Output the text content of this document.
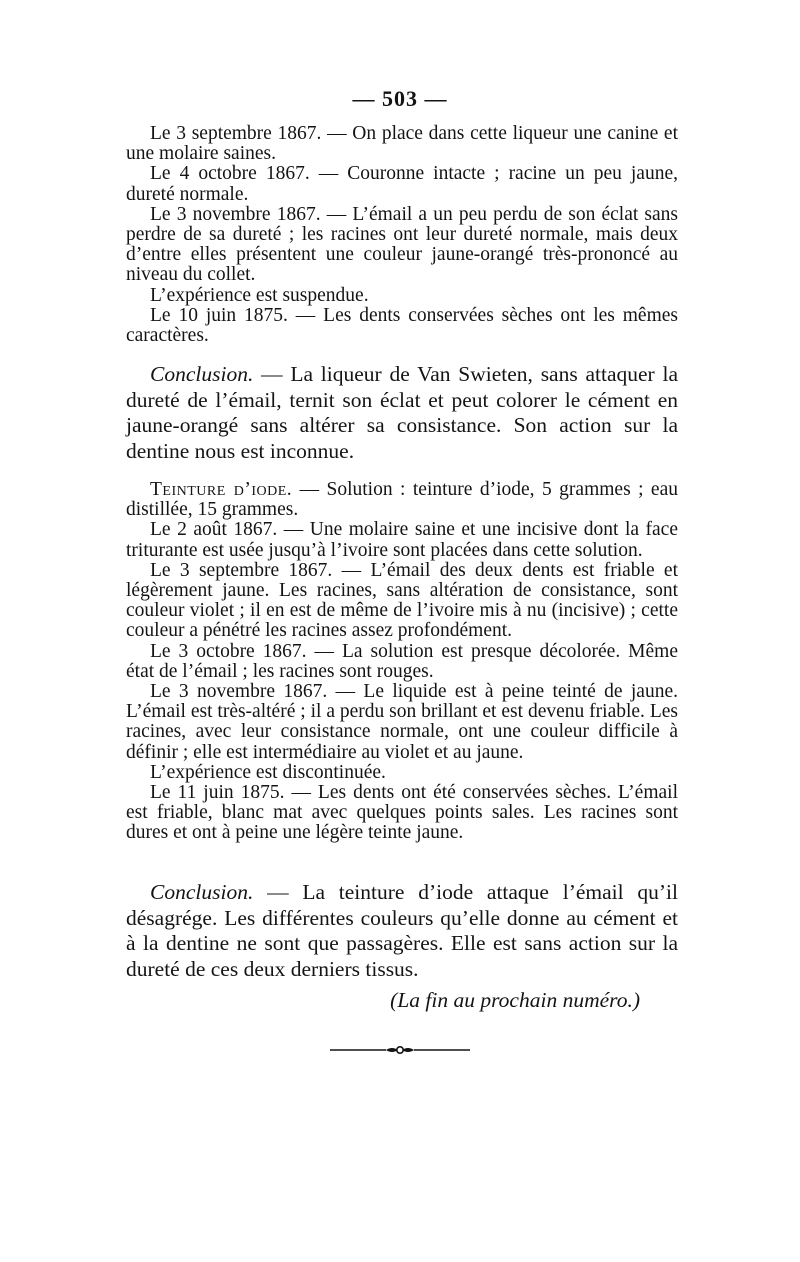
— 503 —

Le 3 septembre 1867. — On place dans cette liqueur une canine et une molaire saines.

Le 4 octobre 1867. — Couronne intacte ; racine un peu jaune, dureté normale.

Le 3 novembre 1867. — L’émail a un peu perdu de son éclat sans perdre de sa dureté ; les racines ont leur dureté normale, mais deux d’entre elles présentent une couleur jaune-orangé très-prononcé au niveau du collet.

L’expérience est suspendue.

Le 10 juin 1875. — Les dents conservées sèches ont les mêmes caractères.

Conclusion. — La liqueur de Van Swieten, sans attaquer la dureté de l’émail, ternit son éclat et peut colorer le cément en jaune-orangé sans altérer sa consistance. Son action sur la dentine nous est inconnue.

Teinture d’iode. — Solution : teinture d’iode, 5 grammes ; eau distillée, 15 grammes.

Le 2 août 1867. — Une molaire saine et une incisive dont la face triturante est usée jusqu’à l’ivoire sont placées dans cette solution.

Le 3 septembre 1867. — L’émail des deux dents est friable et légèrement jaune. Les racines, sans altération de consistance, sont couleur violet ; il en est de même de l’ivoire mis à nu (incisive) ; cette couleur a pénétré les racines assez profondément.

Le 3 octobre 1867. — La solution est presque décolorée. Même état de l’émail ; les racines sont rouges.

Le 3 novembre 1867. — Le liquide est à peine teinté de jaune. L’émail est très-altéré ; il a perdu son brillant et est devenu friable. Les racines, avec leur consistance normale, ont une couleur difficile à définir ; elle est intermédiaire au violet et au jaune.

L’expérience est discontinuée.

Le 11 juin 1875. — Les dents ont été conservées sèches. L’émail est friable, blanc mat avec quelques points sales. Les racines sont dures et ont à peine une légère teinte jaune.

Conclusion. — La teinture d’iode attaque l’émail qu’il désagrége. Les différentes couleurs qu’elle donne au cément et à la dentine ne sont que passagères. Elle est sans action sur la dureté de ces deux derniers tissus.

(La fin au prochain numéro.)
